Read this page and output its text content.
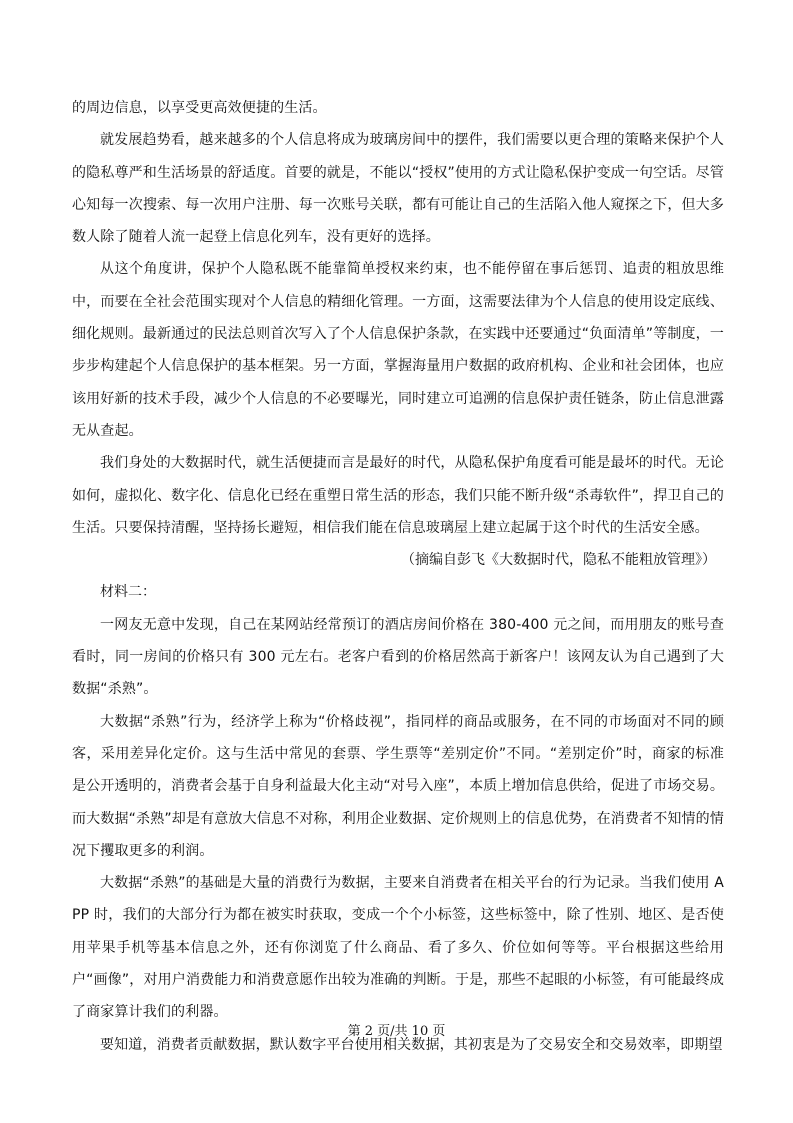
的周边信息，以享受更高效便捷的生活。

就发展趋势看，越来越多的个人信息将成为玻璃房间中的摆件，我们需要以更合理的策略来保护个人的隐私尊严和生活场景的舒适度。首要的就是，不能以“授权”使用的方式让隐私保护变成一句空话。尽管心知每一次搜索、每一次用户注册、每一次账号关联，都有可能让自己的生活陷入他人窥探之下，但大多数人除了随着人流一起登上信息化列车，没有更好的选择。

从这个角度讲，保护个人隐私既不能靠简单授权来约束，也不能停留在事后惩罚、追责的粗放思维中，而要在全社会范围实现对个人信息的精细化管理。一方面，这需要法律为个人信息的使用设定底线、细化规则。最新通过的民法总则首次写入了个人信息保护条款，在实践中还要通过“负面清单”等制度，一步步构建起个人信息保护的基本框架。另一方面，掌握海量用户数据的政府机构、企业和社会团体，也应该用好新的技术手段，减少个人信息的不必要曝光，同时建立可追溯的信息保护责任链条，防止信息泄露无从查起。

我们身处的大数据时代，就生活便捷而言是最好的时代，从隐私保护角度看可能是最坏的时代。无论如何，虚拟化、数字化、信息化已经在重塑日常生活的形态，我们只能不断升级“杀毒软件”，捍卫自己的生活。只要保持清醒，坚持扬长避短，相信我们能在信息玻璃屋上建立起属于这个时代的生活安全感。

（摘编自彭飞《大数据时代，隐私不能粗放管理》）

材料二：

一网友无意中发现，自己在某网站经常预订的酒店房间价格在 380-400 元之间，而用朋友的账号查看时，同一房间的价格只有 300 元左右。老客户看到的价格居然高于新客户！该网友认为自己遇到了大数据“杀熟”。

大数据“杀熟”行为，经济学上称为“价格歧视”，指同样的商品或服务，在不同的市场面对不同的顾客，采用差异化定价。这与生活中常见的套票、学生票等“差别定价”不同。“差别定价”时，商家的标准是公开透明的，消费者会基于自身利益最大化主动“对号入座”，本质上增加信息供给，促进了市场交易。而大数据“杀熟”却是有意放大信息不对称，利用企业数据、定价规则上的信息优势，在消费者不知情的情况下攫取更多的利润。

大数据“杀熟”的基础是大量的消费行为数据，主要来自消费者在相关平台的行为记录。当我们使用 APP 时，我们的大部分行为都在被实时获取，变成一个个小标签，这些标签中，除了性别、地区、是否使用苹果手机等基本信息之外，还有你浏览了什么商品、看了多久、价位如何等等。平台根据这些给用户“画像”，对用户消费能力和消费意愿作出较为准确的判断。于是，那些不起眼的小标签，有可能最终成了商家算计我们的利器。

要知道，消费者贡献数据，默认数字平台使用相关数据，其初衷是为了交易安全和交易效率，即期望

第 2 页/共 10 页
